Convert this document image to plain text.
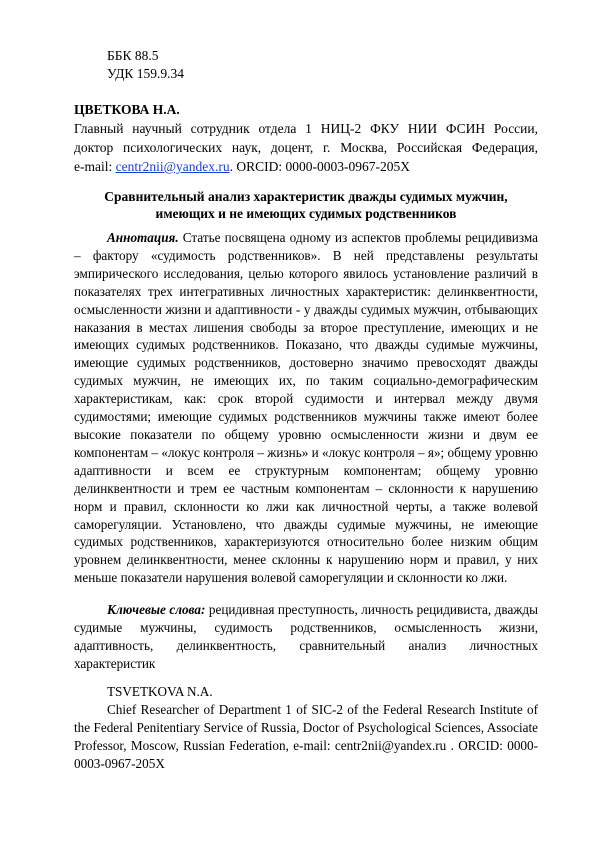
ББК 88.5
УДК 159.9.34
ЦВЕТКОВА Н.А.
Главный научный сотрудник отдела 1 НИЦ-2 ФКУ НИИ ФСИН России,
доктор психологических наук, доцент, г. Москва, Российская Федерация,
e-mail: centr2nii@yandex.ru. ORCID: 0000-0003-0967-205X
Сравнительный анализ характеристик дважды судимых мужчин,
имеющих и не имеющих судимых родственников
Аннотация. Статье посвящена одному из аспектов проблемы рецидивизма – фактору «судимость родственников». В ней представлены результаты эмпирического исследования, целью которого явилось установление различий в показателях трех интегративных личностных характеристик: делинквентности, осмысленности жизни и адаптивности - у дважды судимых мужчин, отбывающих наказания в местах лишения свободы за второе преступление, имеющих и не имеющих судимых родственников. Показано, что дважды судимые мужчины, имеющие судимых родственников, достоверно значимо превосходят дважды судимых мужчин, не имеющих их, по таким социально-демографическим характеристикам, как: срок второй судимости и интервал между двумя судимостями; имеющие судимых родственников мужчины также имеют более высокие показатели по общему уровню осмысленности жизни и двум ее компонентам – «локус контроля – жизнь» и «локус контроля – я»; общему уровню адаптивности и всем ее структурным компонентам; общему уровню делинквентности и трем ее частным компонентам – склонности к нарушению норм и правил, склонности ко лжи как личностной черты, а также волевой саморегуляции. Установлено, что дважды судимые мужчины, не имеющие судимых родственников, характеризуются относительно более низким общим уровнем делинквентности, менее склонны к нарушению норм и правил, у них меньше показатели нарушения волевой саморегуляции и склонности ко лжи.
Ключевые слова: рецидивная преступность, личность рецидивиста, дважды судимые мужчины, судимость родственников, осмысленность жизни, адаптивность, делинквентность, сравнительный анализ личностных характеристик
TSVETKOVA N.A.
Chief Researcher of Department 1 of SIC-2 of the Federal Research Institute of the Federal Penitentiary Service of Russia, Doctor of Psychological Sciences, Associate Professor, Moscow, Russian Federation, e-mail: centr2nii@yandex.ru . ORCID: 0000-0003-0967-205X
